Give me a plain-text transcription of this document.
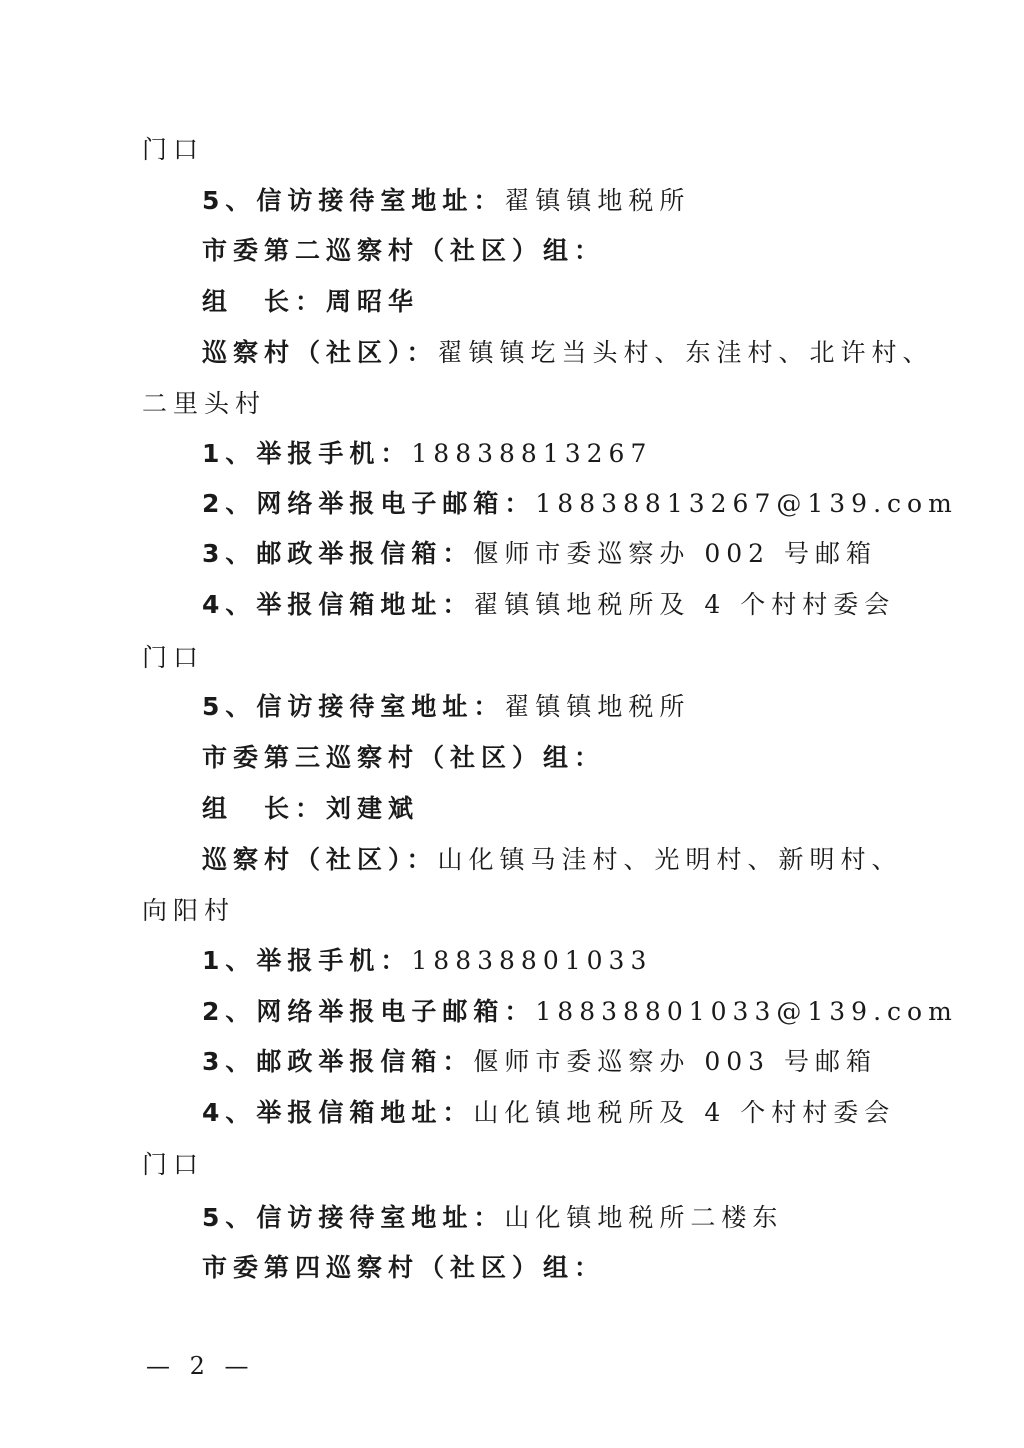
门口
5、信访接待室地址：翟镇镇地税所
市委第二巡察村（社区）组：
组　长：周昭华
巡察村（社区）：翟镇镇圪当头村、东洼村、北许村、
二里头村
1、举报手机：18838813267
2、网络举报电子邮箱：18838813267@139.com
3、邮政举报信箱：偃师市委巡察办 002 号邮箱
4、举报信箱地址：翟镇镇地税所及 4 个村村委会
门口
5、信访接待室地址：翟镇镇地税所
市委第三巡察村（社区）组：
组　长：刘建斌
巡察村（社区）：山化镇马洼村、光明村、新明村、
向阳村
1、举报手机：18838801033
2、网络举报电子邮箱：18838801033@139.com
3、邮政举报信箱：偃师市委巡察办 003 号邮箱
4、举报信箱地址：山化镇地税所及 4 个村村委会
门口
5、信访接待室地址：山化镇地税所二楼东
市委第四巡察村（社区）组：
— 2 —
